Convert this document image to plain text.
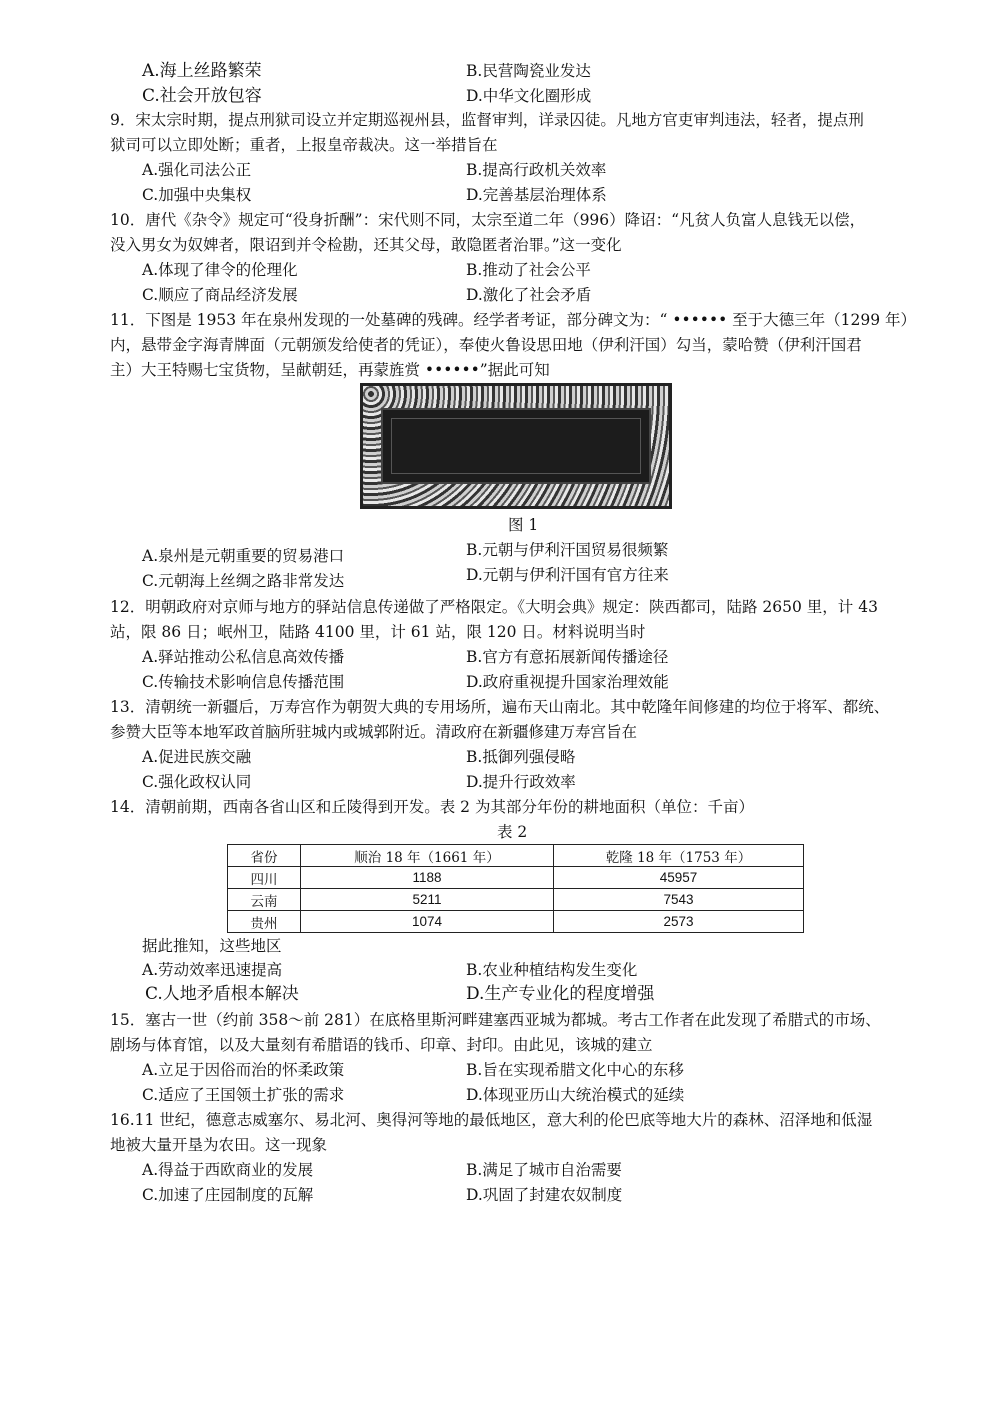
A.海上丝路繁荣	B.民营陶瓷业发达
C.社会开放包容	D.中华文化圈形成
9．宋太宗时期，提点刑狱司设立并定期巡视州县，监督审判，详录囚徒。凡地方官吏审判违法，轻者，提点刑
狱司可以立即处断；重者，上报皇帝裁决。这一举措旨在
A.强化司法公正	B.提高行政机关效率
C.加强中央集权	D.完善基层治理体系
10．唐代《杂令》规定可“役身折酬”：宋代则不同，太宗至道二年（996）降诏：“凡贫人负富人息钱无以偿，
没入男女为奴婢者，限诏到并令检勘，还其父母，敢隐匿者治罪。”这一变化
A.体现了律令的伦理化	B.推动了社会公平
C.顺应了商品经济发展	D.激化了社会矛盾
11．下图是 1953 年在泉州发现的一处墓碑的残碑。经学者考证，部分碑文为：“ •••••• 至于大德三年（1299 年）
内，悬带金字海青牌面（元朝颁发给使者的凭证），奉使火鲁设思田地（伊利汗国）勾当，蒙哈赞（伊利汗国君
主）大王特赐七宝货物，呈献朝廷，再蒙旌赏 ••••••”据此可知
图 1
A.泉州是元朝重要的贸易港口	B.元朝与伊利汗国贸易很频繁
C.元朝海上丝绸之路非常发达	D.元朝与伊利汗国有官方往来
12．明朝政府对京师与地方的驿站信息传递做了严格限定。《大明会典》规定：陕西都司，陆路 2650 里，计 43
站，限 86 日；岷州卫，陆路 4100 里，计 61 站，限 120 日。材料说明当时
A.驿站推动公私信息高效传播	B.官方有意拓展新闻传播途径
C.传输技术影响信息传播范围	D.政府重视提升国家治理效能
13．清朝统一新疆后，万寿宫作为朝贺大典的专用场所，遍布天山南北。其中乾隆年间修建的均位于将军、都统、
参赞大臣等本地军政首脑所驻城内或城郭附近。清政府在新疆修建万寿宫旨在
A.促进民族交融	B.抵御列强侵略
C.强化政权认同	D.提升行政效率
14．清朝前期，西南各省山区和丘陵得到开发。表 2 为其部分年份的耕地面积（单位：千亩）
表 2
省份	顺治 18 年（1661 年）	乾隆 18 年（1753 年）
四川	1188	45957
云南	5211	7543
贵州	1074	2573
据此推知，这些地区
A.劳动效率迅速提高	B.农业种植结构发生变化
C.人地矛盾根本解决	D.生产专业化的程度增强
15．塞古一世（约前 358～前 281）在底格里斯河畔建塞西亚城为都城。考古工作者在此发现了希腊式的市场、
剧场与体育馆，以及大量刻有希腊语的钱币、印章、封印。由此见，该城的建立
A.立足于因俗而治的怀柔政策	B.旨在实现希腊文化中心的东移
C.适应了王国领土扩张的需求	D.体现亚历山大统治模式的延续
16.11 世纪，德意志威塞尔、易北河、奥得河等地的最低地区，意大利的伦巴底等地大片的森林、沼泽地和低湿
地被大量开垦为农田。这一现象
A.得益于西欧商业的发展	B.满足了城市自治需要
C.加速了庄园制度的瓦解	D.巩固了封建农奴制度
